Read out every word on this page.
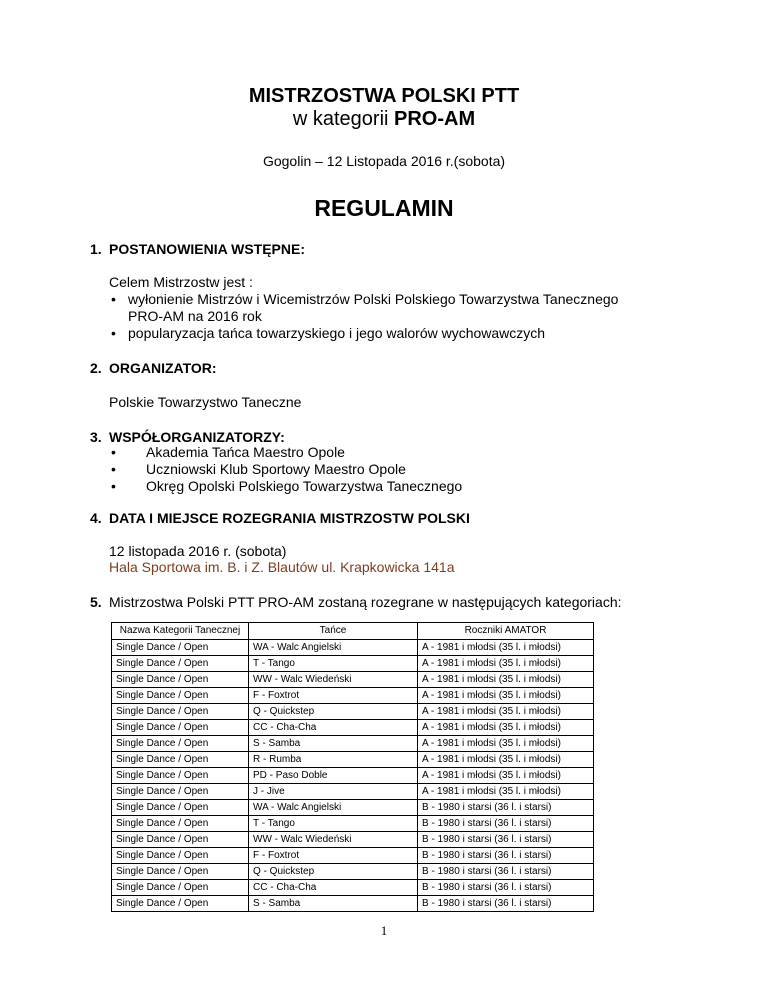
MISTRZOSTWA POLSKI PTT
w kategorii PRO-AM
Gogolin – 12 Listopada 2016 r.(sobota)
REGULAMIN
1. POSTANOWIENIA WSTĘPNE:
Celem Mistrzostw jest :
• wyłonienie Mistrzów i Wicemistrzów Polski Polskiego Towarzystwa Tanecznego
PRO-AM na 2016 rok
• popularyzacja tańca towarzyskiego i jego walorów wychowawczych
2. ORGANIZATOR:
Polskie Towarzystwo Taneczne
3. WSPÓŁORGANIZATORZY:
• Akademia Tańca Maestro Opole
• Uczniowski Klub Sportowy Maestro Opole
• Okręg Opolski Polskiego Towarzystwa Tanecznego
4. DATA I MIEJSCE ROZEGRANIA MISTRZOSTW POLSKI
12 listopada 2016 r. (sobota)
Hala Sportowa im. B. i Z. Blautów ul. Krapkowicka 141a
5. Mistrzostwa Polski PTT PRO-AM zostaną rozegrane w następujących kategoriach:
Nazwa Kategorii Tanecznej	Tańce	Roczniki AMATOR
Single Dance / Open	WA - Walc Angielski	A - 1981 i młodsi (35 l. i młodsi)
Single Dance / Open	T - Tango	A - 1981 i młodsi (35 l. i młodsi)
Single Dance / Open	WW - Walc Wiedeński	A - 1981 i młodsi (35 l. i młodsi)
Single Dance / Open	F - Foxtrot	A - 1981 i młodsi (35 l. i młodsi)
Single Dance / Open	Q - Quickstep	A - 1981 i młodsi (35 l. i młodsi)
Single Dance / Open	CC - Cha-Cha	A - 1981 i młodsi (35 l. i młodsi)
Single Dance / Open	S - Samba	A - 1981 i młodsi (35 l. i młodsi)
Single Dance / Open	R - Rumba	A - 1981 i młodsi (35 l. i młodsi)
Single Dance / Open	PD - Paso Doble	A - 1981 i młodsi (35 l. i młodsi)
Single Dance / Open	J - Jive	A - 1981 i młodsi (35 l. i młodsi)
Single Dance / Open	WA - Walc Angielski	B - 1980 i starsi (36 l. i starsi)
Single Dance / Open	T - Tango	B - 1980 i starsi (36 l. i starsi)
Single Dance / Open	WW - Walc Wiedeński	B - 1980 i starsi (36 l. i starsi)
Single Dance / Open	F - Foxtrot	B - 1980 i starsi (36 l. i starsi)
Single Dance / Open	Q - Quickstep	B - 1980 i starsi (36 l. i starsi)
Single Dance / Open	CC - Cha-Cha	B - 1980 i starsi (36 l. i starsi)
Single Dance / Open	S - Samba	B - 1980 i starsi (36 l. i starsi)
1
